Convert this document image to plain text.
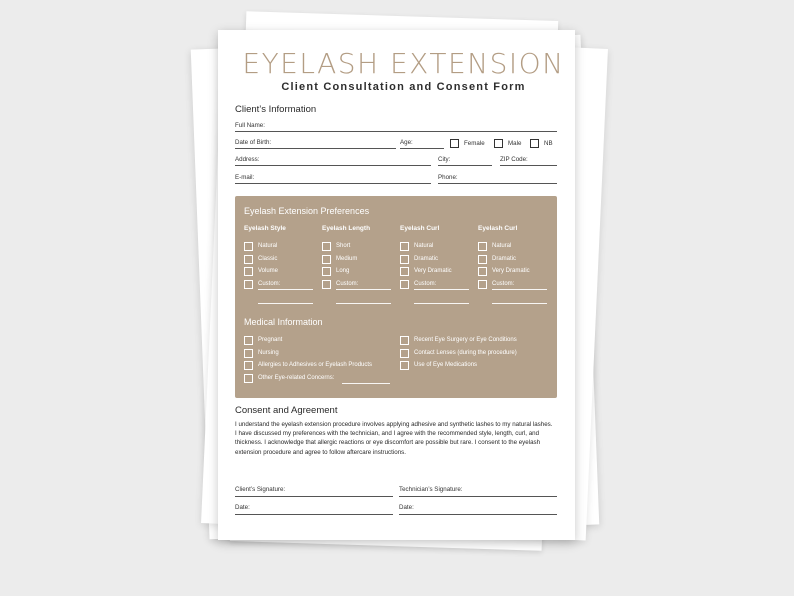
EYELASH EXTENSION
Client Consultation and Consent Form
Client’s Information
Full Name:
Date of Birth:	Age:	Female	Male	NB
Address:	City:	ZIP Code:
E-mail:	Phone:
Eyelash Extension Preferences
Eyelash Style
Natural
Classic
Volume
Custom:
Eyelash Length
Short
Medium
Long
Custom:
Eyelash Curl
Natural
Dramatic
Very Dramatic
Custom:
Eyelash Curl
Natural
Dramatic
Very Dramatic
Custom:
Medical Information
Pregnant
Nursing
Allergies to Adhesives or Eyelash Products
Other Eye-related Concerns:
Recent Eye Surgery or Eye Conditions
Contact Lenses (during the procedure)
Use of Eye Medications
Consent and Agreement
I understand the eyelash extension procedure involves applying adhesive and synthetic lashes to my natural lashes. I have discussed my preferences with the technician, and I agree with the recommended style, length, curl, and thickness. I acknowledge that allergic reactions or eye discomfort are possible but rare. I consent to the eyelash extension procedure and agree to follow aftercare instructions.
Client’s Signature:	Technician’s Signature:
Date:	Date:
